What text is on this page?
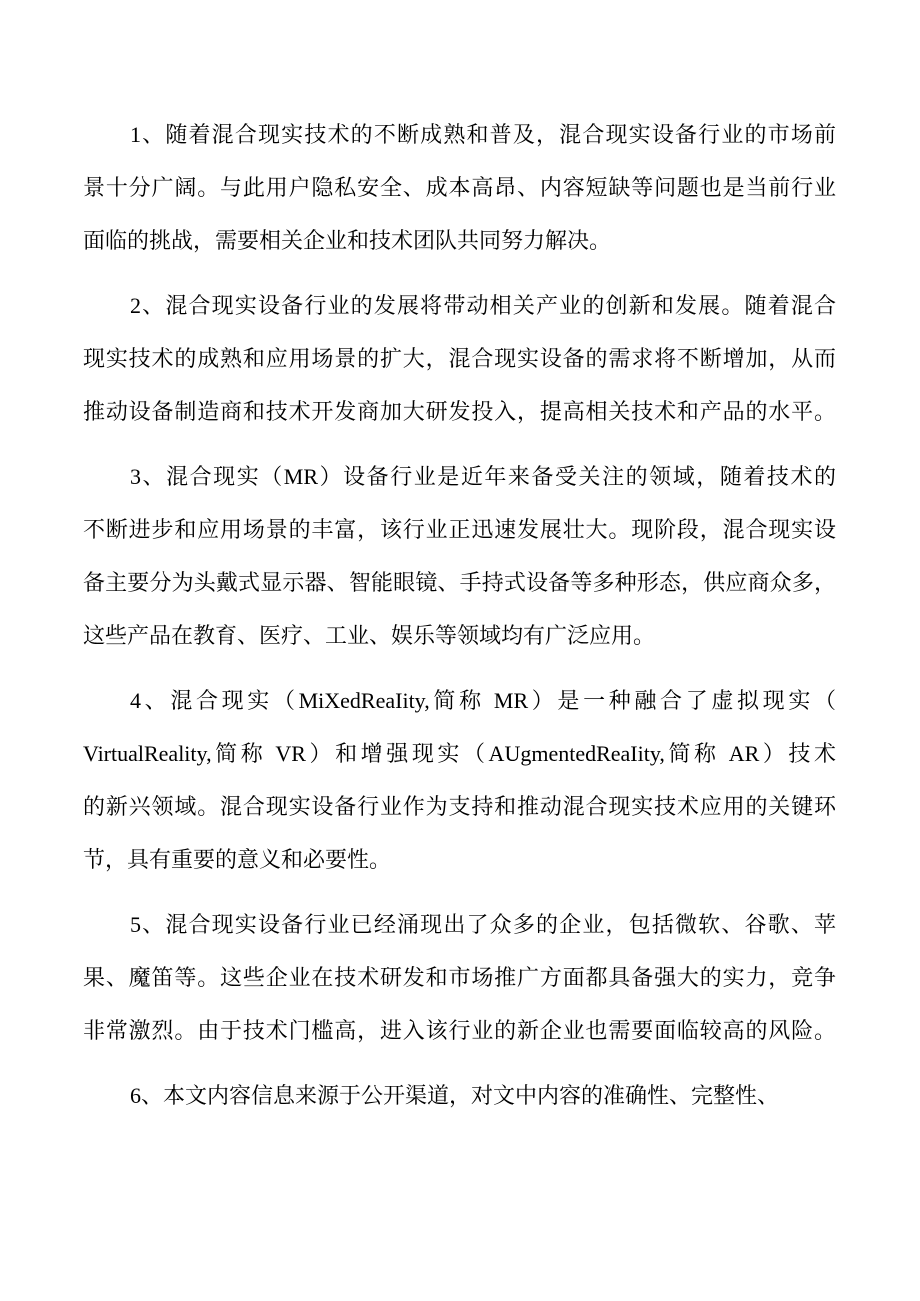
1、随着混合现实技术的不断成熟和普及，混合现实设备行业的市场前
景十分广阔。与此用户隐私安全、成本高昂、内容短缺等问题也是当前行业
面临的挑战，需要相关企业和技术团队共同努力解决。
2、混合现实设备行业的发展将带动相关产业的创新和发展。随着混合
现实技术的成熟和应用场景的扩大，混合现实设备的需求将不断增加，从而
推动设备制造商和技术开发商加大研发投入，提高相关技术和产品的水平。
3、混合现实（MR）设备行业是近年来备受关注的领域，随着技术的
不断进步和应用场景的丰富，该行业正迅速发展壮大。现阶段，混合现实设
备主要分为头戴式显示器、智能眼镜、手持式设备等多种形态，供应商众多，
这些产品在教育、医疗、工业、娱乐等领域均有广泛应用。
4、混合现实（MiXedReaIity,简称 MR）是一种融合了虚拟现实（
VirtualReality,简称 VR）和增强现实（AUgmentedReaIity,简称 AR）技术
的新兴领域。混合现实设备行业作为支持和推动混合现实技术应用的关键环
节，具有重要的意义和必要性。
5、混合现实设备行业已经涌现出了众多的企业，包括微软、谷歌、苹
果、魔笛等。这些企业在技术研发和市场推广方面都具备强大的实力，竞争
非常激烈。由于技术门槛高，进入该行业的新企业也需要面临较高的风险。
6、本文内容信息来源于公开渠道，对文中内容的准确性、完整性、
